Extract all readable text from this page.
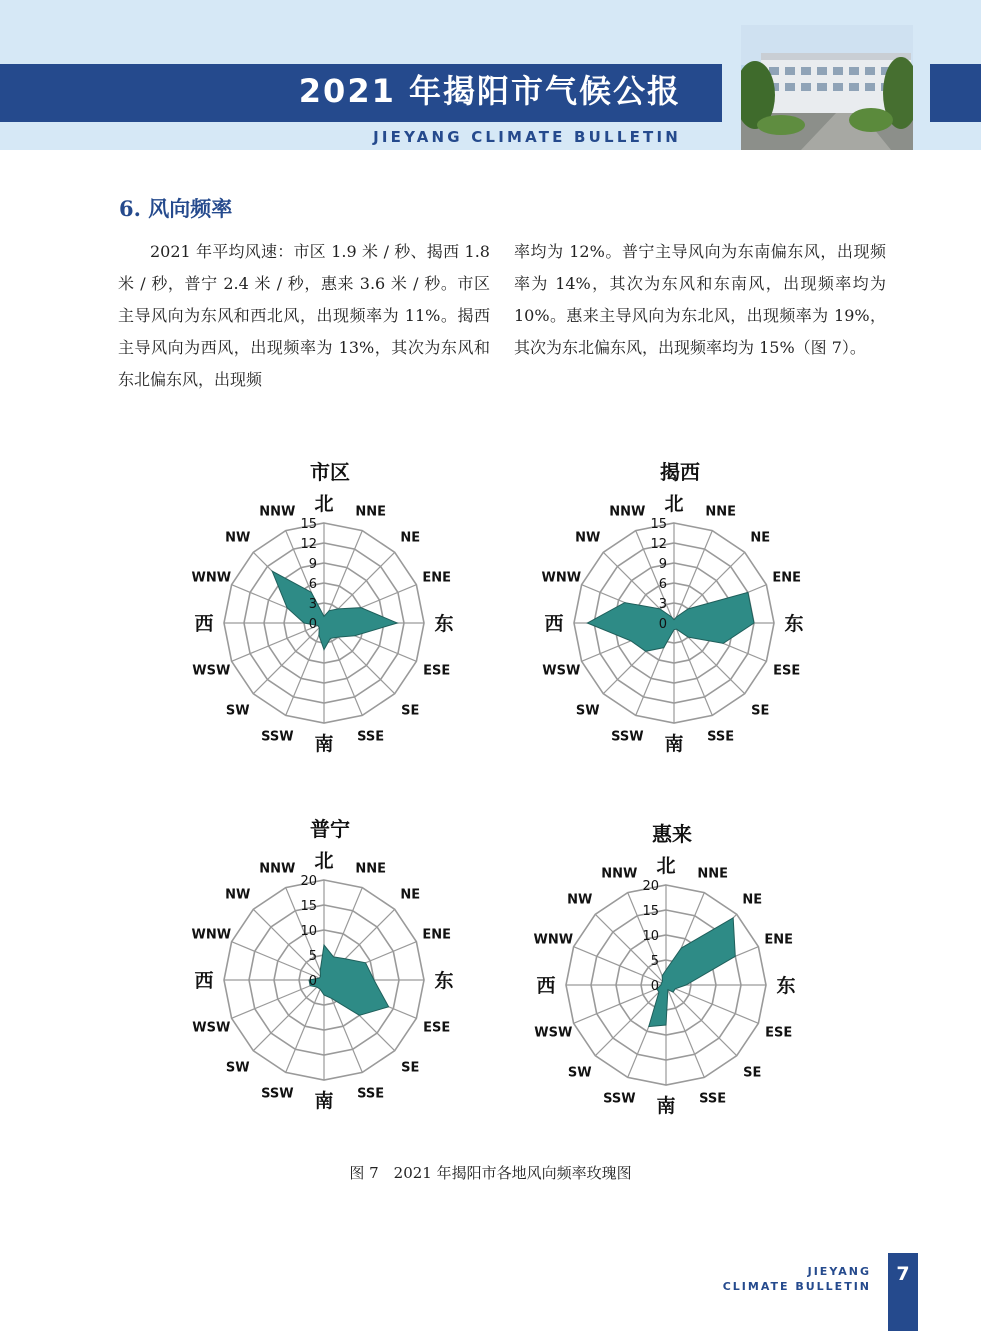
2021 年揭阳市气候公报
JIEYANG CLIMATE BULLETIN
6. 风向频率

2021 年平均风速：市区 1.9 米 / 秒、揭西 1.8 米 / 秒，普宁 2.4 米 / 秒，惠来 3.6 米 / 秒。市区主导风向为东风和西北风，出现频率为 11%。揭西主导风向为西风，出现频率为 13%，其次为东风和东北偏东风，出现频

率均为 12%。普宁主导风向为东南偏东风，出现频率为 14%，其次为东风和东南风，出现频率均为 10%。惠来主导风向为东北风，出现频率为 19%，其次为东北偏东风，出现频率均为 15%（图 7）。

0
3
6
9
12
15
北 NNE
NE
ENE
东
ESE
SE
SSE
南
SSW
SW
WSW
西
WNW
NW
NNW
市区
0
3
6
9
12
15
北 NNE
NE
ENE
东
ESE
SE
SSE
南
SSW
SW
WSW
西
WNW
NW
NNW
揭西
0
5
10
15
20
北 NNE
NE
ENE
东
ESE
SE
SSE
南
SSW
SW
WSW
西
WNW
NW
NNW
普宁
0
5
10
15
20
北 NNE
NE
ENE
东
ESE
SE
SSE
南
SSW
SW
WSW
西
WNW
NW
NNW
惠来
图 7　2021 年揭阳市各地风向频率玫瑰图
JIEYANG
CLIMATE BULLETIN
7
